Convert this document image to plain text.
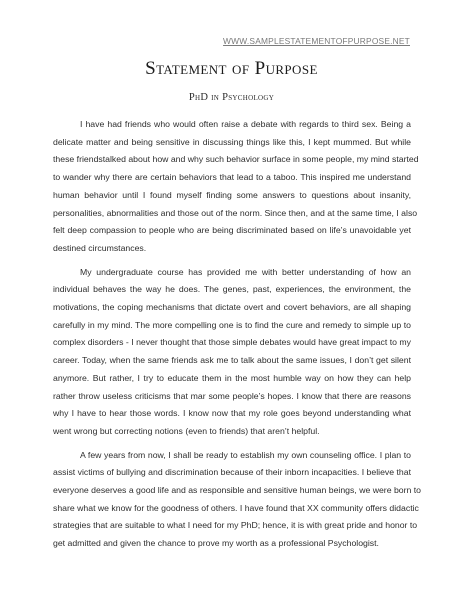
WWW.SAMPLESTATEMENTOFPURPOSE.NET
Statement of Purpose
PhD in Psychology

I have had friends who would often raise a debate with regards to third sex. Being a
delicate matter and being sensitive in discussing things like this, I kept mummed. But while
these friendstalked about how and why such behavior surface in some people, my mind started
to wander why there are certain behaviors that lead to a taboo. This inspired me understand
human behavior until I found myself finding some answers to questions about insanity,
personalities, abnormalities and those out of the norm. Since then, and at the same time, I also
felt deep compassion to people who are being discriminated based on life’s unavoidable yet
destined circumstances.

My undergraduate course has provided me with better understanding of how an
individual behaves the way he does. The genes, past, experiences, the environment, the
motivations, the coping mechanisms that dictate overt and covert behaviors, are all shaping
carefully in my mind. The more compelling one is to find the cure and remedy to simple up to
complex disorders - I never thought that those simple debates would have great impact to my
career. Today, when the same friends ask me to talk about the same issues, I don’t get silent
anymore. But rather, I try to educate them in the most humble way on how they can help
rather throw useless criticisms that mar some people’s hopes. I know that there are reasons
why I have to hear those words. I know now that my role goes beyond understanding what
went wrong but correcting notions (even to friends) that aren’t helpful.

A few years from now, I shall be ready to establish my own counseling office. I plan to
assist victims of bullying and discrimination because of their inborn incapacities. I believe that
everyone deserves a good life and as responsible and sensitive human beings, we were born to
share what we know for the goodness of others. I have found that XX community offers didactic
strategies that are suitable to what I need for my PhD; hence, it is with great pride and honor to
get admitted and given the chance to prove my worth as a professional Psychologist.
